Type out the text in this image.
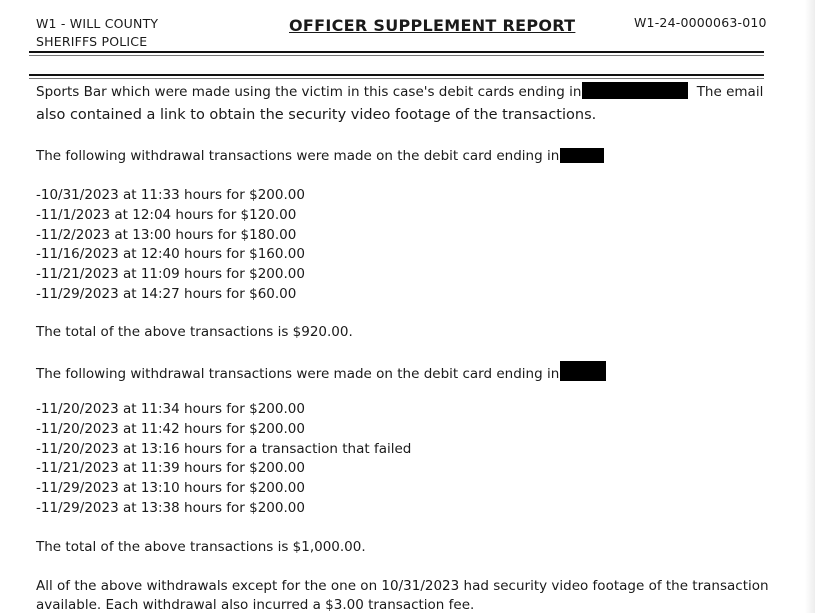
W1 - WILL COUNTY
SHERIFFS POLICE
OFFICER SUPPLEMENT REPORT	W1-24-0000063-010
Sports Bar which were made using the victim in this case's debit cards ending in	The email
also contained a link to obtain the security video footage of the transactions.
The following withdrawal transactions were made on the debit card ending in
-10/31/2023 at 11:33 hours for $200.00
-11/1/2023 at 12:04 hours for $120.00
-11/2/2023 at 13:00 hours for $180.00
-11/16/2023 at 12:40 hours for $160.00
-11/21/2023 at 11:09 hours for $200.00
-11/29/2023 at 14:27 hours for $60.00
The total of the above transactions is $920.00.
The following withdrawal transactions were made on the debit card ending in
-11/20/2023 at 11:34 hours for $200.00
-11/20/2023 at 11:42 hours for $200.00
-11/20/2023 at 13:16 hours for a transaction that failed
-11/21/2023 at 11:39 hours for $200.00
-11/29/2023 at 13:10 hours for $200.00
-11/29/2023 at 13:38 hours for $200.00
The total of the above transactions is $1,000.00.
All of the above withdrawals except for the one on 10/31/2023 had security video footage of the transaction
available. Each withdrawal also incurred a $3.00 transaction fee.
